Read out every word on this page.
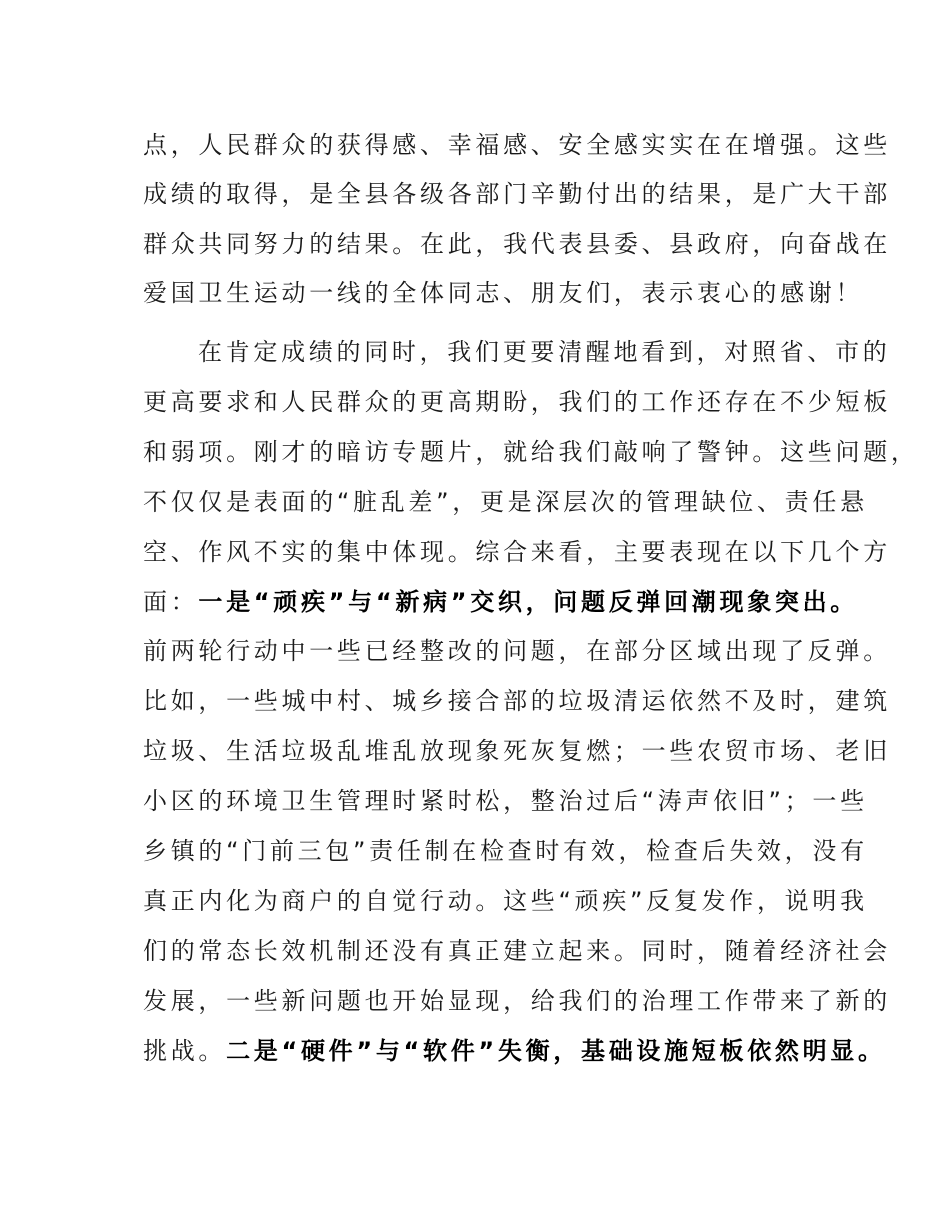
点，人民群众的获得感、幸福感、安全感实实在在增强。这些
成绩的取得，是全县各级各部门辛勤付出的结果，是广大干部
群众共同努力的结果。在此，我代表县委、县政府，向奋战在
爱国卫生运动一线的全体同志、朋友们，表示衷心的感谢！
在肯定成绩的同时，我们更要清醒地看到，对照省、市的
更高要求和人民群众的更高期盼，我们的工作还存在不少短板
和弱项。刚才的暗访专题片，就给我们敲响了警钟。这些问题，
不仅仅是表面的“脏乱差”，更是深层次的管理缺位、责任悬
空、作风不实的集中体现。综合来看，主要表现在以下几个方
面：一是“顽疾”与“新病”交织，问题反弹回潮现象突出。
前两轮行动中一些已经整改的问题，在部分区域出现了反弹。
比如，一些城中村、城乡接合部的垃圾清运依然不及时，建筑
垃圾、生活垃圾乱堆乱放现象死灰复燃；一些农贸市场、老旧
小区的环境卫生管理时紧时松，整治过后“涛声依旧”；一些
乡镇的“门前三包”责任制在检查时有效，检查后失效，没有
真正内化为商户的自觉行动。这些“顽疾”反复发作，说明我
们的常态长效机制还没有真正建立起来。同时，随着经济社会
发展，一些新问题也开始显现，给我们的治理工作带来了新的
挑战。二是“硬件”与“软件”失衡，基础设施短板依然明显。
